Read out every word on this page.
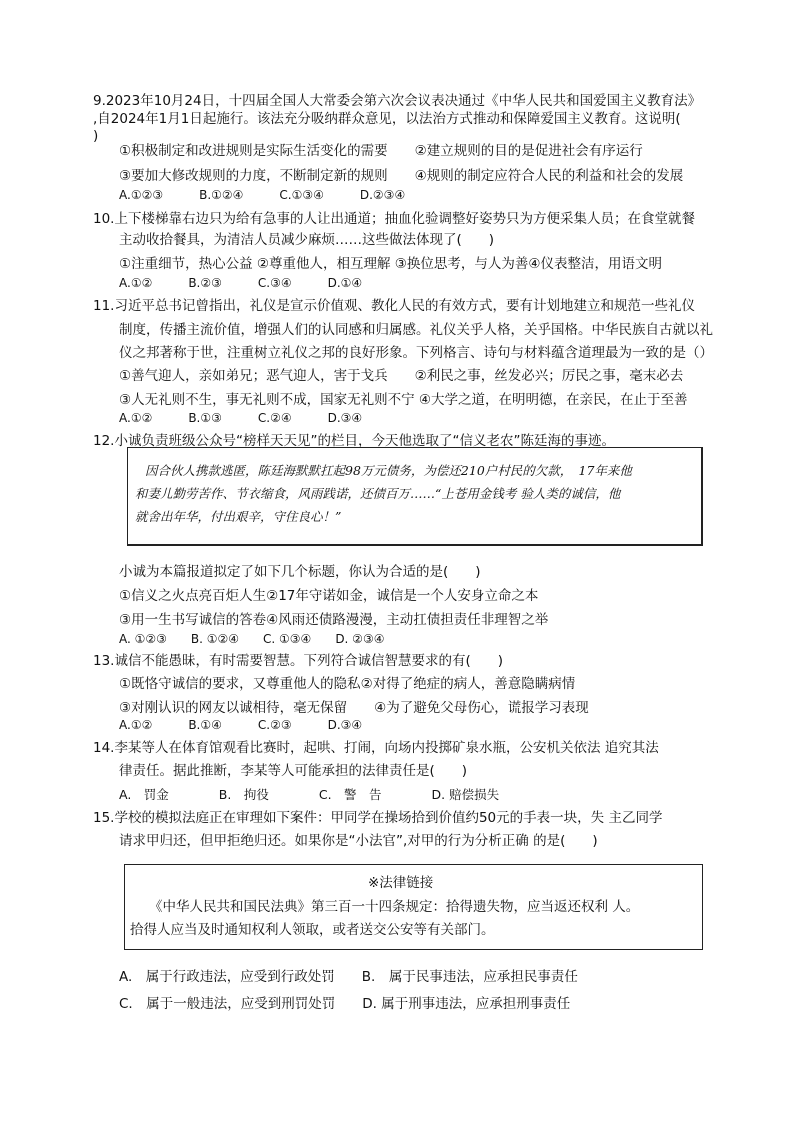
9.2023年10月24日，十四届全国人大常委会第六次会议表决通过《中华人民共和国爱国主义教育法》
,自2024年1月1日起施行。该法充分吸纳群众意见，以法治方式推动和保障爱国主义教育。这说明(
)
①积极制定和改进规则是实际生活变化的需要　　②建立规则的目的是促进社会有序运行
③要加大修改规则的力度，不断制定新的规则　　④规则的制定应符合人民的利益和社会的发展
A.①②③　　　B.①②④　　　C.①③④　　　D.②③④
10.上下楼梯靠右边只为给有急事的人让出通道；抽血化验调整好姿势只为方便采集人员；在食堂就餐
主动收拾餐具，为清洁人员减少麻烦……这些做法体现了(　　)
①注重细节，热心公益 ②尊重他人，相互理解 ③换位思考，与人为善④仪表整洁，用语文明
A.①②　　　B.②③　　　C.③④　　　D.①④
11.习近平总书记曾指出，礼仪是宣示价值观、教化人民的有效方式，要有计划地建立和规范一些礼仪
制度，传播主流价值，增强人们的认同感和归属感。礼仪关乎人格，关乎国格。中华民族自古就以礼
仪之邦著称于世，注重树立礼仪之邦的良好形象。下列格言、诗句与材料蕴含道理最为一致的是（）
①善气迎人，亲如弟兄；恶气迎人，害于戈兵　　②利民之事，丝发必兴；厉民之事，毫末必去
③人无礼则不生，事无礼则不成，国家无礼则不宁 ④大学之道，在明明德，在亲民，在止于至善
A.①②　　　B.①③　　　C.②④　　　D.③④
12.小诚负责班级公众号“榜样天天见”的栏目，今天他选取了“信义老农”陈廷海的事迹。
因合伙人携款逃匿，陈廷海默默扛起98万元债务，为偿还210户村民的欠款，　17年来他
和妻儿勤劳苦作、节衣缩食，风雨践诺，还债百万……“上苍用金钱考 验人类的诚信，他
就舍出年华，付出艰辛，守住良心！”
小诚为本篇报道拟定了如下几个标题，你认为合适的是(　　)
①信义之火点亮百炬人生②17年守诺如金，诚信是一个人安身立命之本
③用一生书写诚信的答卷④风雨还债路漫漫，主动扛债担责任非理智之举
A. ①②③　　B. ①②④　　C. ①③④　　D. ②③④
13.诚信不能愚昧，有时需要智慧。下列符合诚信智慧要求的有(　　)
①既恪守诚信的要求，又尊重他人的隐私②对得了绝症的病人，善意隐瞒病情
③对刚认识的网友以诚相待，毫无保留　　④为了避免父母伤心，谎报学习表现
A.①②　　　B.①④　　　C.②③　　　D.③④
14.李某等人在体育馆观看比赛时，起哄、打闹，向场内投掷矿泉水瓶，公安机关依法 追究其法
律责任。据此推断，李某等人可能承担的法律责任是(　　)
A.　罚金　　　　B.　拘役　　　　C.　警　告　　　　D. 赔偿损失
15.学校的模拟法庭正在审理如下案件：甲同学在操场拾到价值约50元的手表一块，失 主乙同学
请求甲归还，但甲拒绝归还。如果你是“小法官”,对甲的行为分析正确 的是(　　)
※法律链接
《中华人民共和国民法典》第三百一十四条规定：拾得遗失物，应当返还权利 人。
拾得人应当及时通知权利人领取，或者送交公安等有关部门。
A.　属于行政违法，应受到行政处罚　　B.　属于民事违法，应承担民事责任
C.　属于一般违法，应受到刑罚处罚　　D. 属于刑事违法，应承担刑事责任
